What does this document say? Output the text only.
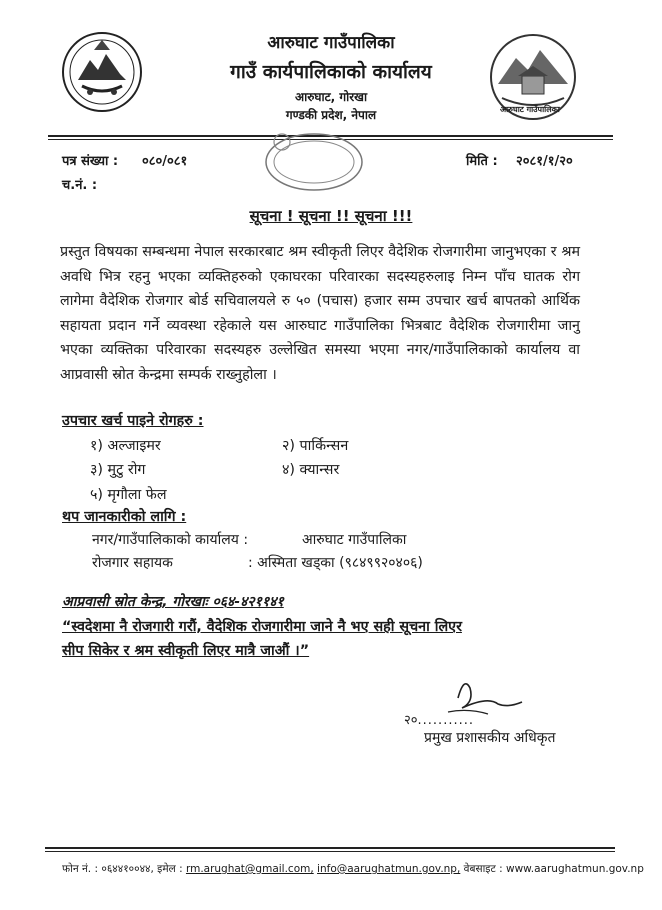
आरुघाट गाउँपालिका
गाउँ कार्यपालिकाको कार्यालय
आरुघाट, गोरखा
गण्डकी प्रदेश, नेपाल	आरुघाट गाउँपालिका
पत्र संख्या : ०८०/०८१	मिति : २०८१/१/२०
च.नं. :
सूचना ! सूचना !! सूचना !!!
प्रस्तुत विषयका सम्बन्धमा नेपाल सरकारबाट श्रम स्वीकृती लिएर वैदेशिक रोजगारीमा जानुभएका र श्रम अवधि भित्र रहनु भएका व्यक्तिहरुको एकाघरका परिवारका सदस्यहरुलाइ निम्न पाँच घातक रोग लागेमा वैदेशिक रोजगार बोर्ड सचिवालयले रु ५० (पचास) हजार सम्म उपचार खर्च बापतको आर्थिक सहायता प्रदान गर्ने व्यवस्था रहेकाले यस आरुघाट गाउँपालिका भित्रबाट वैदेशिक रोजगारीमा जानु भएका व्यक्तिका परिवारका सदस्यहरु उल्लेखित समस्या भएमा नगर/गाउँपालिकाको कार्यालय वा आप्रवासी स्रोत केन्द्रमा सम्पर्क राख्नुहोला ।
उपचार खर्च पाइने रोगहरु :
१) अल्जाइमर	२) पार्किन्सन
३) मुटु रोग	४) क्यान्सर
५) मृगौला फेल
थप जानकारीको लागि :
नगर/गाउँपालिकाको कार्यालय :	आरुघाट गाउँपालिका
रोजगार सहायक	: अस्मिता खड्का (९८४९९२०४०६)
आप्रवासी स्रोत केन्द्र, गोरखाः ०६४-४२११४१
“स्वदेशमा नै रोजगारी गरौं, वैदेशिक रोजगारीमा जाने नै भए सही सूचना लिएर
सीप सिकेर र श्रम स्वीकृती लिएर मात्रै जाऔं ।”
२०...........
प्रमुख प्रशासकीय अधिकृत
फोन नं. : ०६४४१००४४, इमेल : rm.arughat@gmail.com, info@aarughatmun.gov.np, वेबसाइट : www.aarughatmun.gov.np
